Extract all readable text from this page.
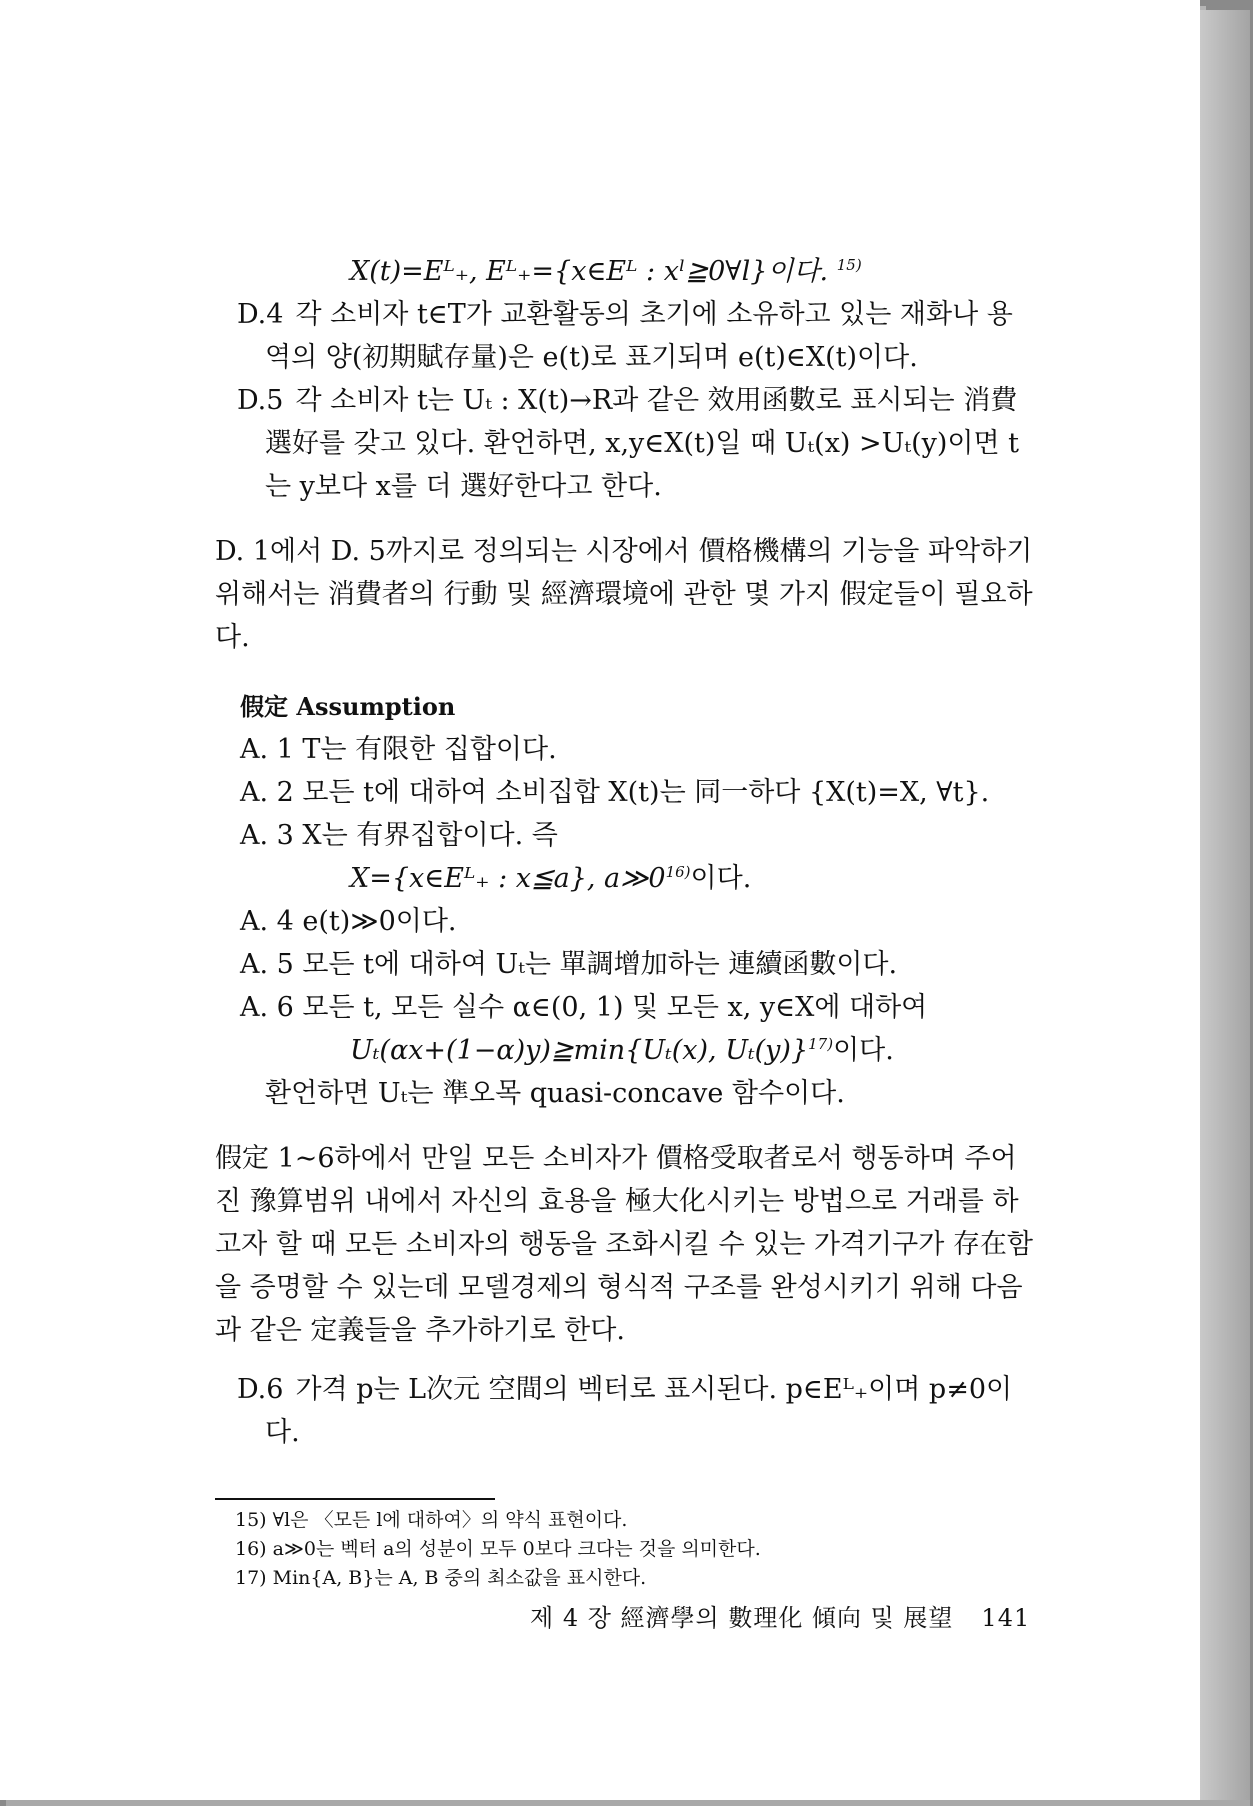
X(t)=Eᴸ₊, Eᴸ₊={x∈Eᴸ : xˡ≧0∀l}이다. $^{15)}$
D.4 각 소비자 t∈T가 교환활동의 초기에 소유하고 있는 재화나 용역의 양(初期賦存量)은 e(t)로 표기되며 e(t)∈X(t)이다.
D.5 각 소비자 t는 Uₜ : X(t)→R과 같은 效用函數로 표시되는 消費選好를 갖고 있다. 환언하면, x,y∈X(t)일 때 Uₜ(x) >Uₜ(y)이면 t는 y보다 x를 더 選好한다고 한다.
D. 1에서 D. 5까지로 정의되는 시장에서 價格機構의 기능을 파악하기 위해서는 消費者의 行動 및 經濟環境에 관한 몇 가지 假定들이 필요하다.
假定 Assumption
A. 1 T는 有限한 집합이다.
A. 2 모든 t에 대하여 소비집합 X(t)는 同一하다 {X(t)=X, ∀t}.
A. 3 X는 有界집합이다. 즉
X={x∈Eᴸ₊ : x≦a}, a≫0$^{16)}$이다.
A. 4 e(t)≫0이다.
A. 5 모든 t에 대하여 Uₜ는 單調增加하는 連續函數이다.
A. 6 모든 t, 모든 실수 α∈(0, 1) 및 모든 x, y∈X에 대하여
Uₜ(αx+(1−α)y)≧min{Uₜ(x), Uₜ(y)}$^{17)}$이다.
환언하면 Uₜ는 準오목 quasi-concave 함수이다.
假定 1∼6하에서 만일 모든 소비자가 價格受取者로서 행동하며 주어진 豫算범위 내에서 자신의 효용을 極大化시키는 방법으로 거래를 하고자 할 때 모든 소비자의 행동을 조화시킬 수 있는 가격기구가 存在함을 증명할 수 있는데 모델경제의 형식적 구조를 완성시키기 위해 다음과 같은 定義들을 추가하기로 한다.
D.6 가격 p는 L次元 空間의 벡터로 표시된다. p∈Eᴸ₊이며 p≠0이다.
15) ∀l은 〈모든 l에 대하여〉의 약식 표현이다.
16) a≫0는 벡터 a의 성분이 모두 0보다 크다는 것을 의미한다.
17) Min{A, B}는 A, B 중의 최소값을 표시한다.
제 4 장 經濟學의 數理化 傾向 및 展望 141
